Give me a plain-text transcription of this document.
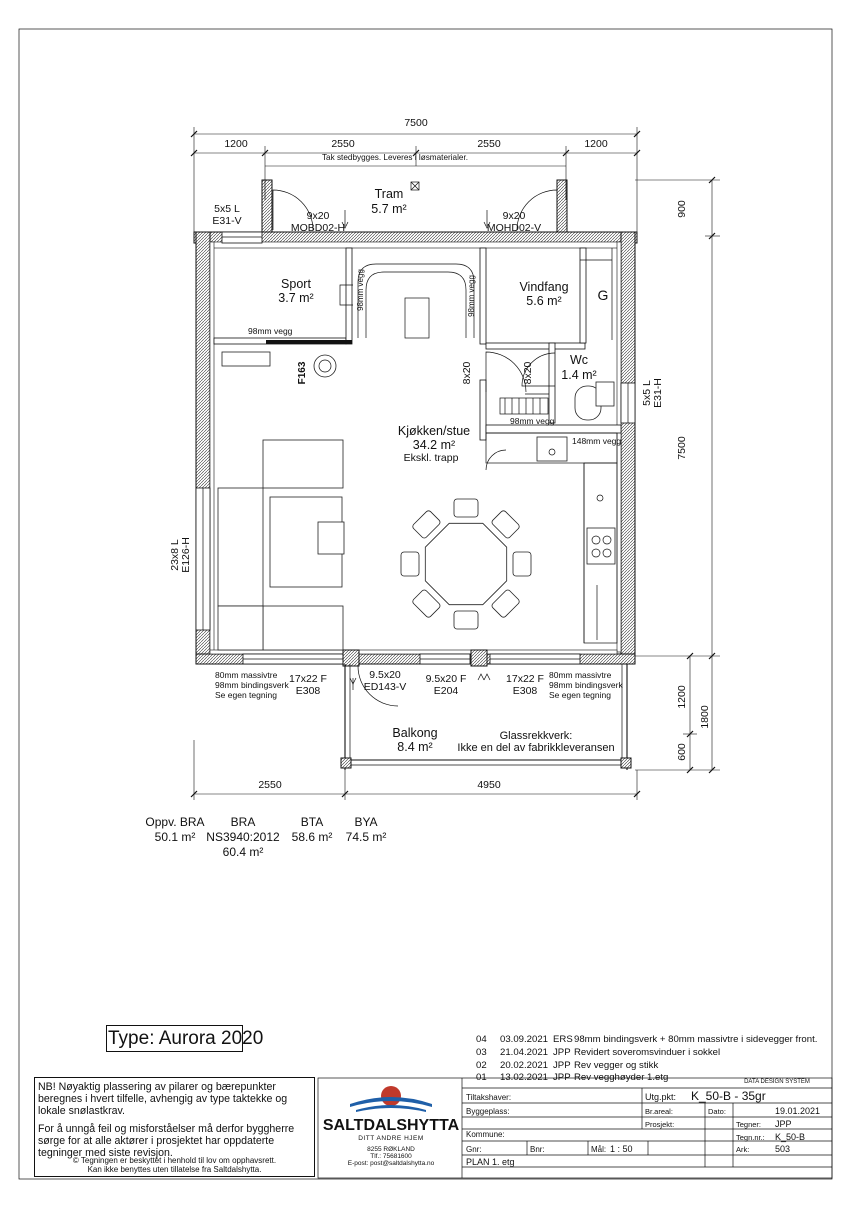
7500
1200	2550	2550	1200
Tak stedbygges. Leveres i løsmaterialer.
900
7500
1200
600
1800
2550	4950
Tram
5.7 m²
5x5 L
E31-V	9x20
MOBD02-H
9x20
MOHD02-V
Sport
3.7 m²
98mm vegg
98mm vegg	98mm vegg	Vindfang
5.6 m²	G
Wc
1.4 m²
8x20	8x20
98mm vegg
148mm vegg
F163
5x5 L E31-H
Kjøkken/stue
34.2 m²
Ekskl. trapp
23x8 L E126-H
80mm massivtre
98mm bindingsverk
Se egen tegning
17x22 F
E308
9.5x20
ED143-V
9.5x20 F
E204
17x22 F
E308
80mm massivtre
98mm bindingsverk
Se egen tegning
Balkong
8.4 m²
Glassrekkverk:
Ikke en del av fabrikkleveransen
Oppv. BRA
50.1 m²
BRA
NS3940:2012
60.4 m²
BTA
58.6 m²
BYA
74.5 m²
SALTDALSHYTTA
DITT ANDRE HJEM
8255 RØKLAND
Tlf.: 75681600
E-post: post@saltdalshytta.no
DATA DESIGN SYSTEM
Tiltakshaver:	Utg.pkt: K_50-B - 35gr
Byggeplass:	Br.areal:	Dato:	19.01.2021
Prosjekt:	Tegner: JPP
Kommune:	Tegn.nr.: K_50-B
Gnr:	Bnr:	Mål: 1 : 50	Ark:	503
PLAN 1. etg
Type: Aurora 2020	04 03.09.2021 ERS 98mm bindingsverk + 80mm massivtre i sidevegger front.
03 21.04.2021 JPP Revidert soveromsvinduer i sokkel
02 20.02.2021 JPP Rev vegger og stikk
01 13.02.2021 JPP Rev vegghøyder 1.etg

NB! Nøyaktig plassering av pilarer og bærepunkter beregnes i hvert tilfelle, avhengig av type taktekke og lokale snølastkrav.

For å unngå feil og misforståelser må derfor byggherre sørge for at alle aktører i prosjektet har oppdaterte tegninger med siste revisjon.

© Tegningen er beskyttet i henhold til lov om opphavsrett.
Kan ikke benyttes uten tillatelse fra Saltdalshytta.
